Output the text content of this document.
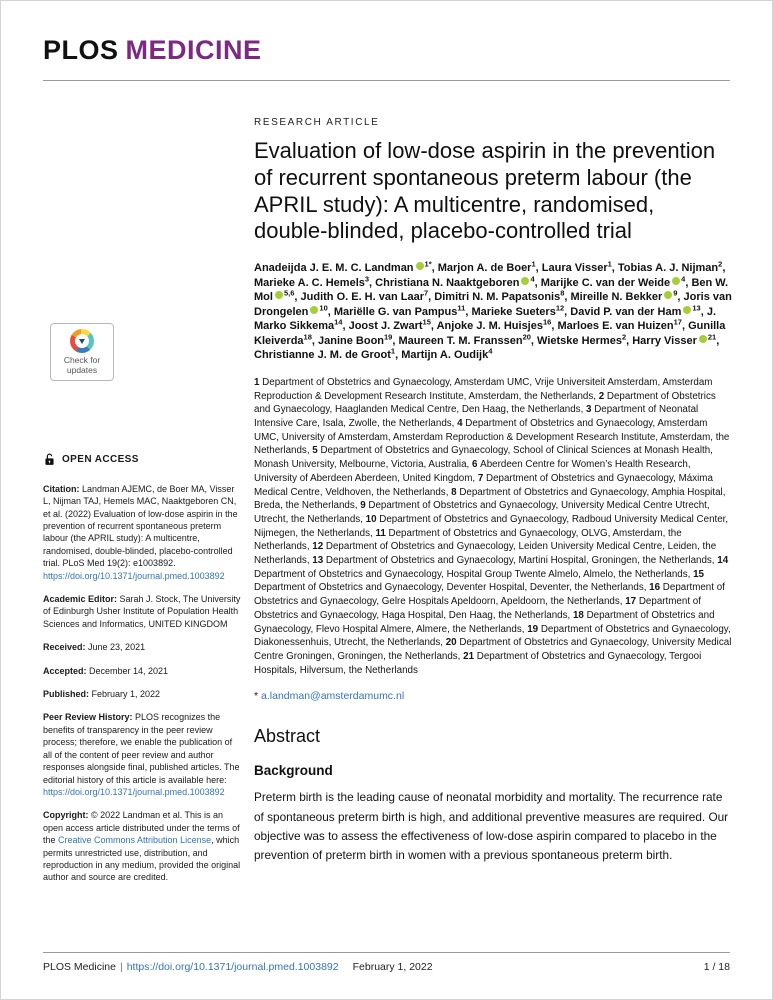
PLOS MEDICINE
Check for
updates
OPEN ACCESS

Citation: Landman AJEMC, de Boer MA, Visser L, Nijman TAJ, Hemels MAC, Naaktgeboren CN, et al. (2022) Evaluation of low-dose aspirin in the prevention of recurrent spontaneous preterm labour (the APRIL study): A multicentre, randomised, double-blinded, placebo-controlled trial. PLoS Med 19(2): e1003892. https://doi.org/10.1371/journal.pmed.1003892

Academic Editor: Sarah J. Stock, The University of Edinburgh Usher Institute of Population Health Sciences and Informatics, UNITED KINGDOM

Received: June 23, 2021

Accepted: December 14, 2021

Published: February 1, 2022

Peer Review History: PLOS recognizes the benefits of transparency in the peer review process; therefore, we enable the publication of all of the content of peer review and author responses alongside final, published articles. The editorial history of this article is available here: https://doi.org/10.1371/journal.pmed.1003892

Copyright: © 2022 Landman et al. This is an open access article distributed under the terms of the Creative Commons Attribution License, which permits unrestricted use, distribution, and reproduction in any medium, provided the original author and source are credited.

RESEARCH ARTICLE
Evaluation of low-dose aspirin in the prevention of recurrent spontaneous preterm labour (the APRIL study): A multicentre, randomised, double-blinded, placebo-controlled trial

Anadeijda J. E. M. C. Landman $^{1*}$, Marjon A. de Boer$^1$, Laura Visser$^1$, Tobias A. J. Nijman$^2$, Marieke A. C. Hemels$^3$, Christiana N. Naaktgeboren $^4$, Marijke C. van der Weide $^4$, Ben W. Mol $^{5,6}$, Judith O. E. H. van Laar$^7$, Dimitri N. M. Papatsonis$^8$, Mireille N. Bekker $^9$, Joris van Drongelen $^{10}$, Mariëlle G. van Pampus$^{11}$, Marieke Sueters$^{12}$, David P. van der Ham $^{13}$, J. Marko Sikkema$^{14}$, Joost J. Zwart$^{15}$, Anjoke J. M. Huisjes$^{16}$, Marloes E. van Huizen$^{17}$, Gunilla Kleiverda$^{18}$, Janine Boon$^{19}$, Maureen T. M. Franssen$^{20}$, Wietske Hermes$^2$, Harry Visser $^{21}$, Christianne J. M. de Groot$^1$, Martijn A. Oudijk$^4$

1 Department of Obstetrics and Gynaecology, Amsterdam UMC, Vrije Universiteit Amsterdam, Amsterdam Reproduction & Development Research Institute, Amsterdam, the Netherlands, 2 Department of Obstetrics and Gynaecology, Haaglanden Medical Centre, Den Haag, the Netherlands, 3 Department of Neonatal Intensive Care, Isala, Zwolle, the Netherlands, 4 Department of Obstetrics and Gynaecology, Amsterdam UMC, University of Amsterdam, Amsterdam Reproduction & Development Research Institute, Amsterdam, the Netherlands, 5 Department of Obstetrics and Gynaecology, School of Clinical Sciences at Monash Health, Monash University, Melbourne, Victoria, Australia, 6 Aberdeen Centre for Women’s Health Research, University of Aberdeen Aberdeen, United Kingdom, 7 Department of Obstetrics and Gynaecology, Máxima Medical Centre, Veldhoven, the Netherlands, 8 Department of Obstetrics and Gynaecology, Amphia Hospital, Breda, the Netherlands, 9 Department of Obstetrics and Gynaecology, University Medical Centre Utrecht, Utrecht, the Netherlands, 10 Department of Obstetrics and Gynaecology, Radboud University Medical Center, Nijmegen, the Netherlands, 11 Department of Obstetrics and Gynaecology, OLVG, Amsterdam, the Netherlands, 12 Department of Obstetrics and Gynaecology, Leiden University Medical Centre, Leiden, the Netherlands, 13 Department of Obstetrics and Gynaecology, Martini Hospital, Groningen, the Netherlands, 14 Department of Obstetrics and Gynaecology, Hospital Group Twente Almelo, Almelo, the Netherlands, 15 Department of Obstetrics and Gynaecology, Deventer Hospital, Deventer, the Netherlands, 16 Department of Obstetrics and Gynaecology, Gelre Hospitals Apeldoorn, Apeldoorn, the Netherlands, 17 Department of Obstetrics and Gynaecology, Haga Hospital, Den Haag, the Netherlands, 18 Department of Obstetrics and Gynaecology, Flevo Hospital Almere, Almere, the Netherlands, 19 Department of Obstetrics and Gynaecology, Diakonessenhuis, Utrecht, the Netherlands, 20 Department of Obstetrics and Gynaecology, University Medical Centre Groningen, Groningen, the Netherlands, 21 Department of Obstetrics and Gynaecology, Tergooi Hospitals, Hilversum, the Netherlands

* a.landman@amsterdamumc.nl

Abstract
Background

Preterm birth is the leading cause of neonatal morbidity and mortality. The recurrence rate of spontaneous preterm birth is high, and additional preventive measures are required. Our objective was to assess the effectiveness of low-dose aspirin compared to placebo in the prevention of preterm birth in women with a previous spontaneous preterm birth.

PLOS Medicine | https://doi.org/10.1371/journal.pmed.1003892 February 1, 2022	1 / 18
